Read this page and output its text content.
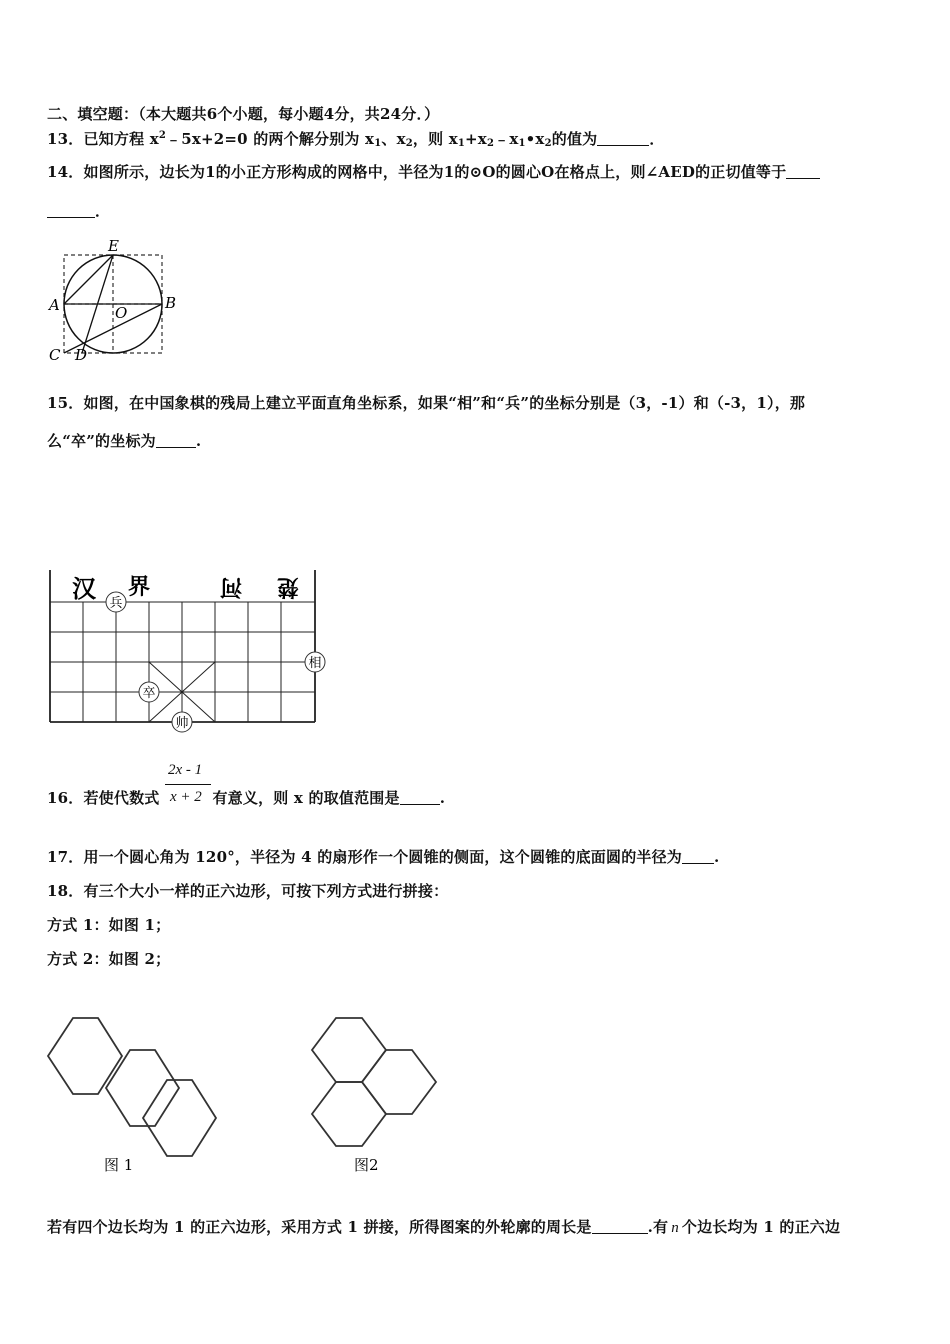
二、填空题：（本大题共6个小题，每小题4分，共24分．）
13．已知方程 $x^2﹣5x+2=0$ 的两个解分别为 $x_1$、$x_2$，则 $x_1+x_2﹣x_1•x_2$的值为	．
14．如图所示，边长为1的小正方形构成的网格中，半径为1的⊙O的圆心O在格点上，则∠AED的正切值等于
．
E
A	B
O
C D
15．如图，在中国象棋的残局上建立平面直角坐标系，如果“相”和“兵”的坐标分别是（3，-1）和（-3，1），那
么“卒”的坐标为	.
汉 界	河 楚
兵
相
卒
帅
2x - 1
x + 2
16．若使代数式	有意义，则 x 的取值范围是	.
17．用一个圆心角为 120°，半径为 4 的扇形作一个圆锥的侧面，这个圆锥的底面圆的半径为 .
18．有三个大小一样的正六边形，可按下列方式进行拼接：
方式 1：如图 1；
方式 2：如图 2；
图 1	图2
若有四个边长均为 1 的正六边形，采用方式 1 拼接，所得图案的外轮廓的周长是	.有 n 个边长均为 1 的正六边
